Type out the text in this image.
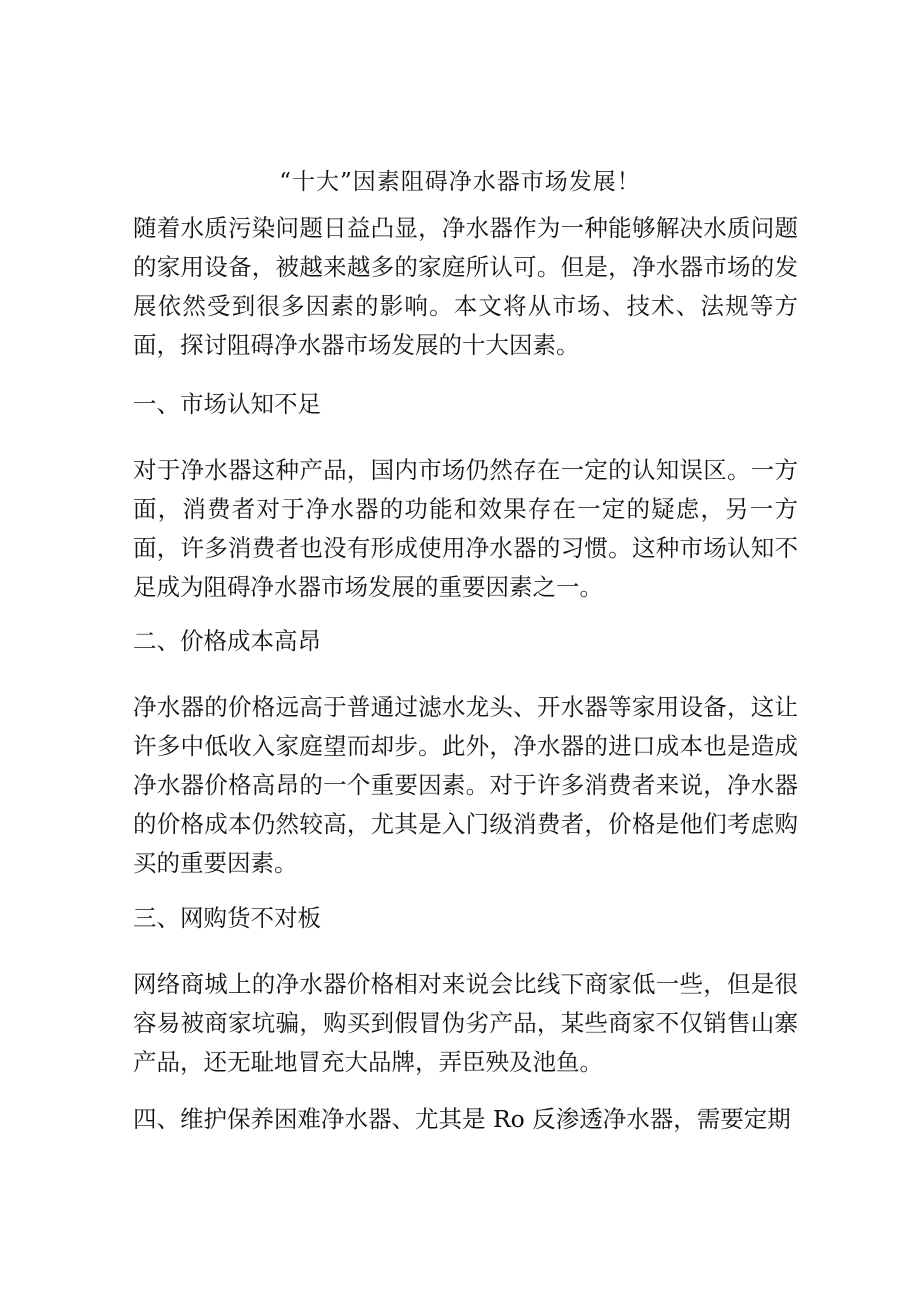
“十大”因素阻碍净水器市场发展！
随着水质污染问题日益凸显，净水器作为一种能够解决水质问题的家用设备，被越来越多的家庭所认可。但是，净水器市场的发展依然受到很多因素的影响。本文将从市场、技术、法规等方面，探讨阻碍净水器市场发展的十大因素。
一、市场认知不足
对于净水器这种产品，国内市场仍然存在一定的认知误区。一方面，消费者对于净水器的功能和效果存在一定的疑虑，另一方面，许多消费者也没有形成使用净水器的习惯。这种市场认知不足成为阻碍净水器市场发展的重要因素之一。
二、价格成本高昂
净水器的价格远高于普通过滤水龙头、开水器等家用设备，这让许多中低收入家庭望而却步。此外，净水器的进口成本也是造成净水器价格高昂的一个重要因素。对于许多消费者来说，净水器的价格成本仍然较高，尤其是入门级消费者，价格是他们考虑购买的重要因素。
三、网购货不对板
网络商城上的净水器价格相对来说会比线下商家低一些，但是很容易被商家坑骗，购买到假冒伪劣产品，某些商家不仅销售山寨产品，还无耻地冒充大品牌，弄臣殃及池鱼。
四、维护保养困难净水器、尤其是 Ro 反渗透净水器，需要定期
